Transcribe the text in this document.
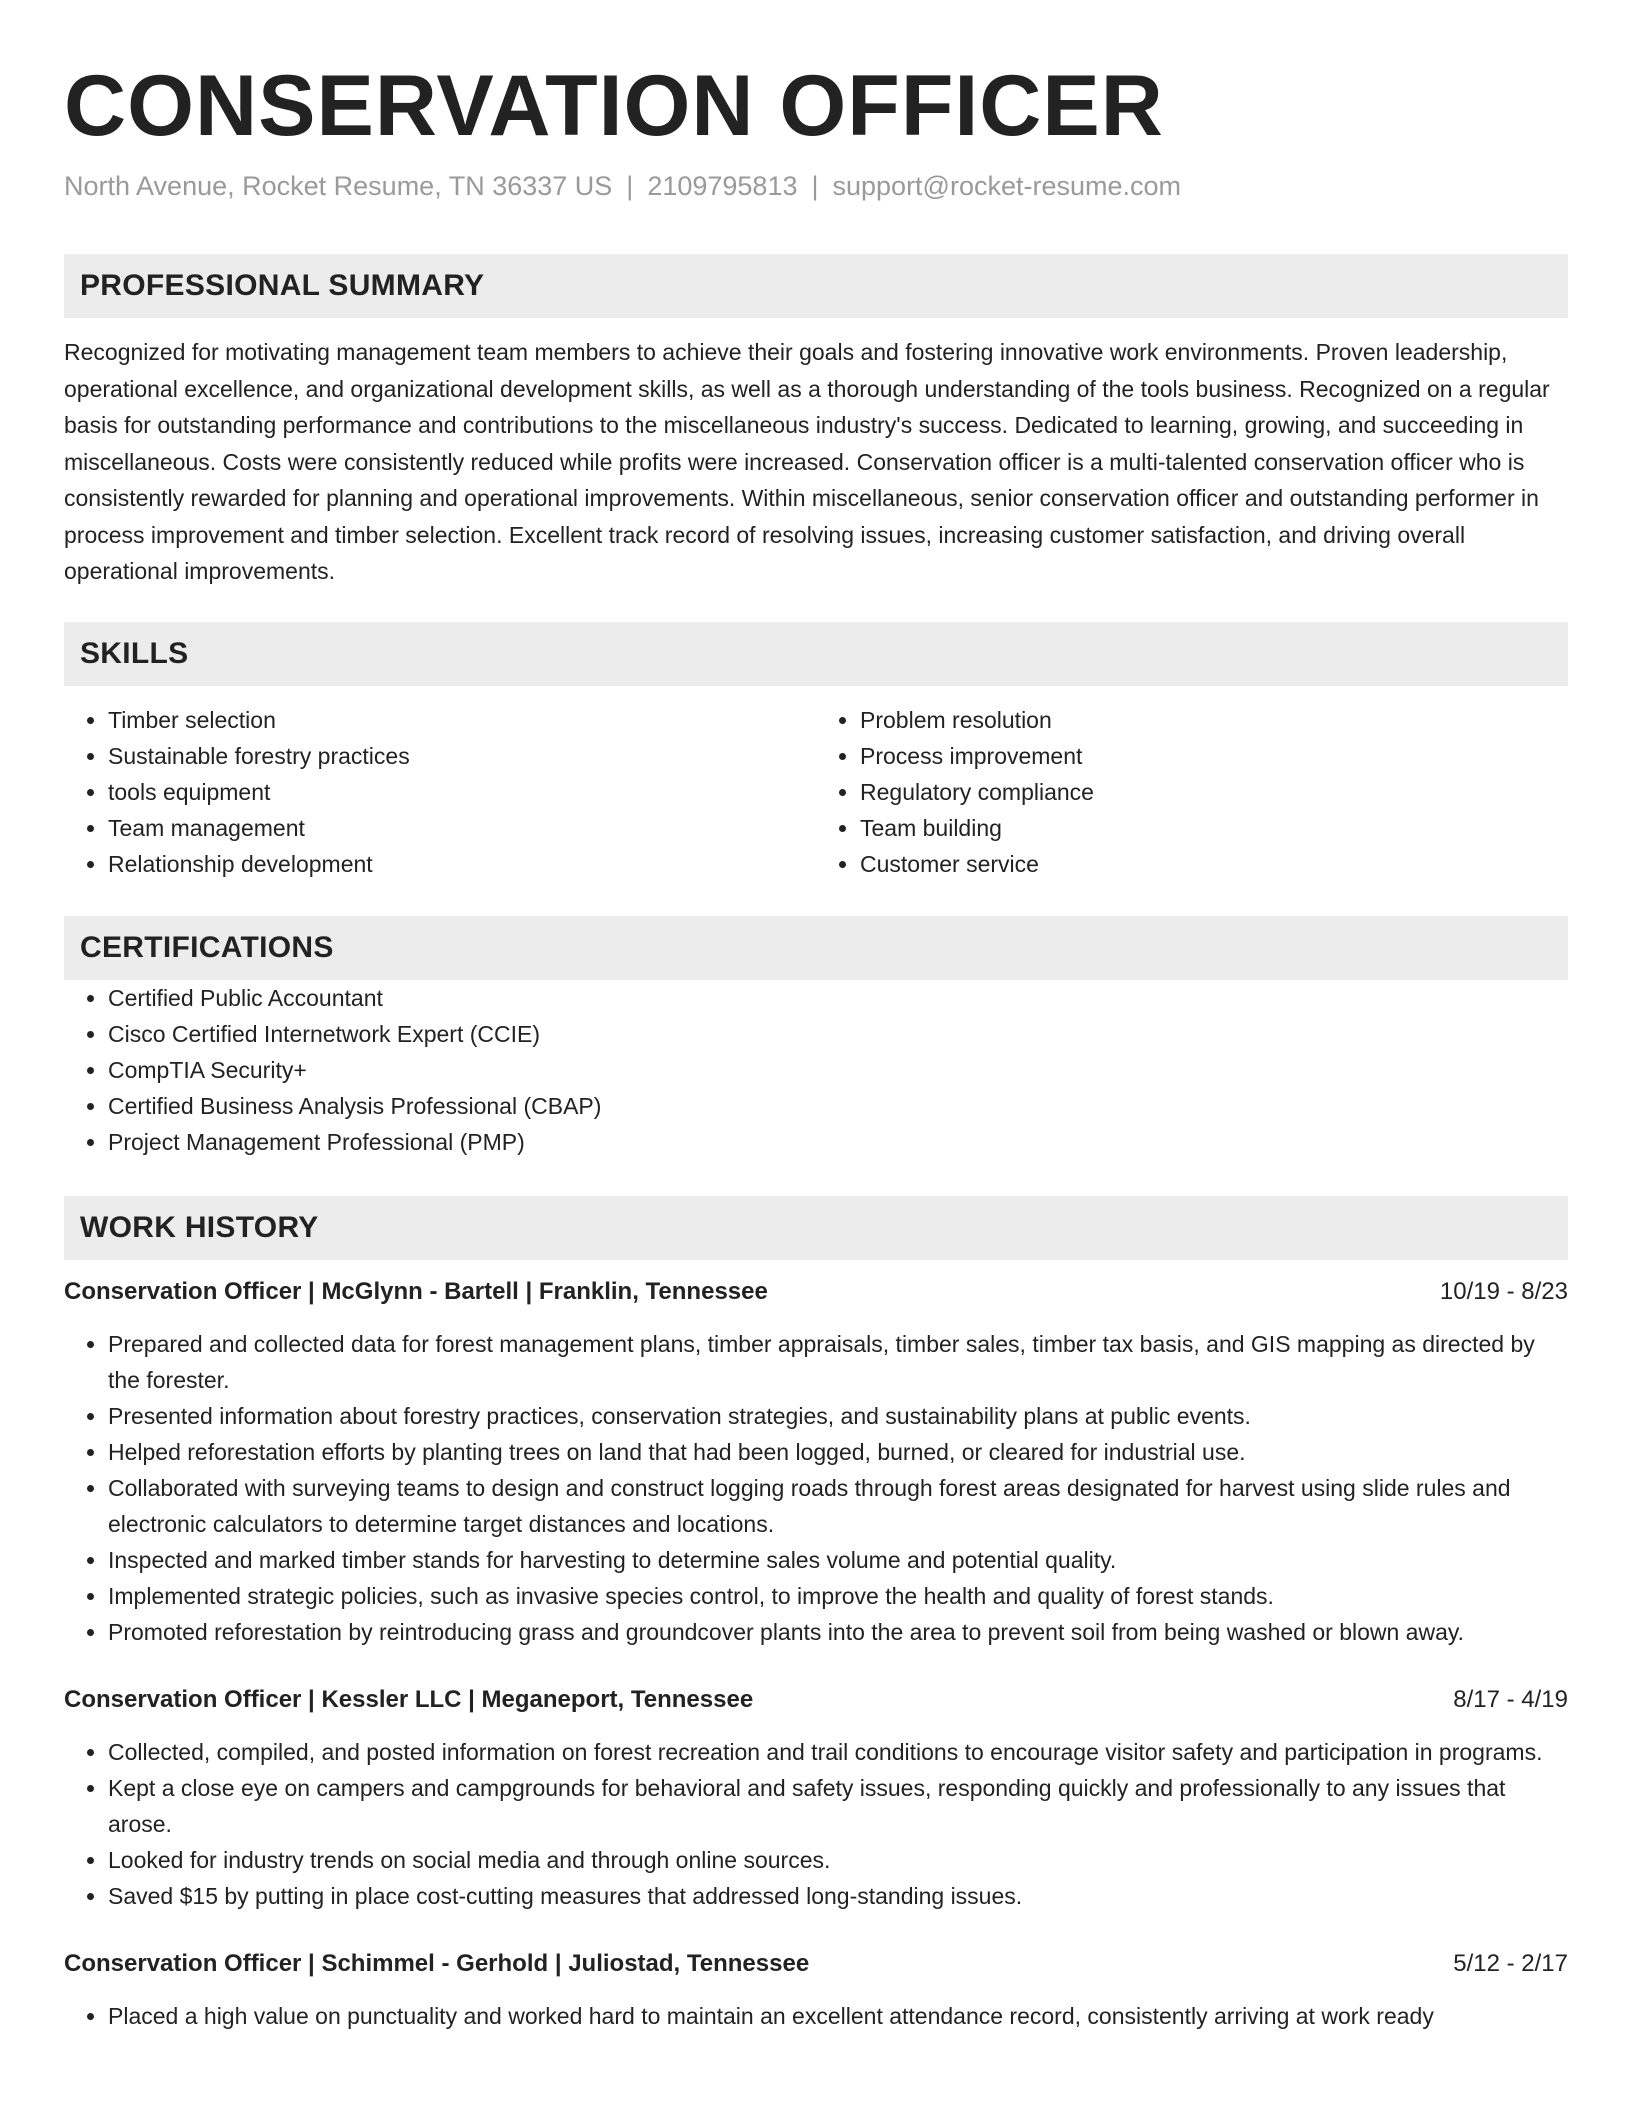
CONSERVATION OFFICER
North Avenue, Rocket Resume, TN 36337 US | 2109795813 | support@rocket-resume.com
PROFESSIONAL SUMMARY

Recognized for motivating management team members to achieve their goals and fostering innovative work environments. Proven leadership, operational excellence, and organizational development skills, as well as a thorough understanding of the tools business. Recognized on a regular basis for outstanding performance and contributions to the miscellaneous industry's success. Dedicated to learning, growing, and succeeding in miscellaneous. Costs were consistently reduced while profits were increased. Conservation officer is a multi-talented conservation officer who is consistently rewarded for planning and operational improvements. Within miscellaneous, senior conservation officer and outstanding performer in process improvement and timber selection. Excellent track record of resolving issues, increasing customer satisfaction, and driving overall operational improvements.

SKILLS
• Timber selection
• Sustainable forestry practices
• tools equipment
• Team management
• Relationship development
• Problem resolution
• Process improvement
• Regulatory compliance
• Team building
• Customer service
CERTIFICATIONS
• Certified Public Accountant
• Cisco Certified Internetwork Expert (CCIE)
• CompTIA Security+
• Certified Business Analysis Professional (CBAP)
• Project Management Professional (PMP)
WORK HISTORY
Conservation Officer | McGlynn - Bartell | Franklin, Tennessee	10/19 - 8/23
• Prepared and collected data for forest management plans, timber appraisals, timber sales, timber tax basis, and GIS mapping as directed by the forester.
• Presented information about forestry practices, conservation strategies, and sustainability plans at public events.
• Helped reforestation efforts by planting trees on land that had been logged, burned, or cleared for industrial use.
• Collaborated with surveying teams to design and construct logging roads through forest areas designated for harvest using slide rules and electronic calculators to determine target distances and locations.
• Inspected and marked timber stands for harvesting to determine sales volume and potential quality.
• Implemented strategic policies, such as invasive species control, to improve the health and quality of forest stands.
• Promoted reforestation by reintroducing grass and groundcover plants into the area to prevent soil from being washed or blown away.
Conservation Officer | Kessler LLC | Meganeport, Tennessee	8/17 - 4/19
• Collected, compiled, and posted information on forest recreation and trail conditions to encourage visitor safety and participation in programs.
• Kept a close eye on campers and campgrounds for behavioral and safety issues, responding quickly and professionally to any issues that arose.
• Looked for industry trends on social media and through online sources.
• Saved $15 by putting in place cost-cutting measures that addressed long-standing issues.
Conservation Officer | Schimmel - Gerhold | Juliostad, Tennessee	5/12 - 2/17
• Placed a high value on punctuality and worked hard to maintain an excellent attendance record, consistently arriving at work ready
